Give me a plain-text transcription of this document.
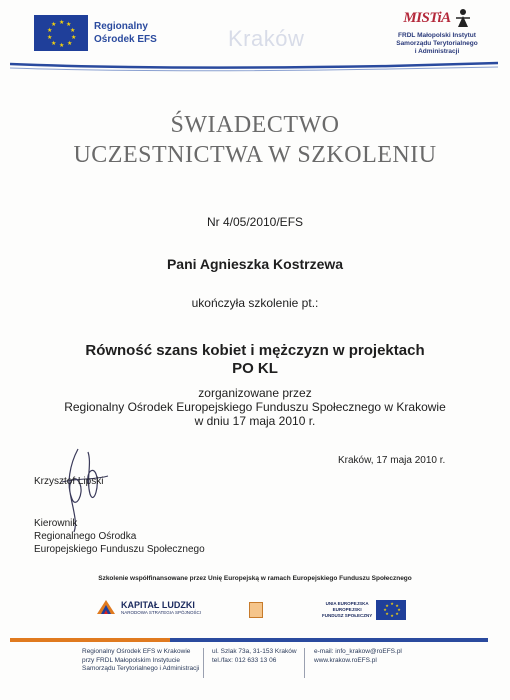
★ ★
★
★
★
★
★
★
★
★	Regionalny
Ośrodek EFS	Kraków
MISTiA
FRDL Małopolski Instytut
Samorządu Terytorialnego
i Administracji
ŚWIADECTWO
UCZESTNICTWA W SZKOLENIU
Nr 4/05/2010/EFS
Pani Agnieszka Kostrzewa
ukończyła szkolenie pt.:
Równość szans kobiet i mężczyzn w projektach
PO KL
zorganizowane przez
Regionalny Ośrodek Europejskiego Funduszu Społecznego w Krakowie
w dniu 17 maja 2010 r.
Kraków, 17 maja 2010 r.
Krzysztof Lipski
Kierownik
Regionalnego Ośrodka
Europejskiego Funduszu Społecznego
Szkolenie współfinansowane przez Unię Europejską w ramach Europejskiego Funduszu Społecznego
KAPITAŁ LUDZKI
NARODOWA STRATEGIA SPÓJNOŚCI
UNIA EUROPEJSKA
EUROPEJSKI
FUNDUSZ SPOŁECZNY
★ ★
★
★
★
★
★
★
Regionalny Ośrodek EFS w Krakowie
przy FRDL Małopolskim Instytucie
Samorządu Terytorialnego i Administracji
ul. Szlak 73a, 31-153 Kraków
tel./fax: 012 633 13 06
e-mail: info_krakow@roEFS.pl
www.krakow.roEFS.pl
